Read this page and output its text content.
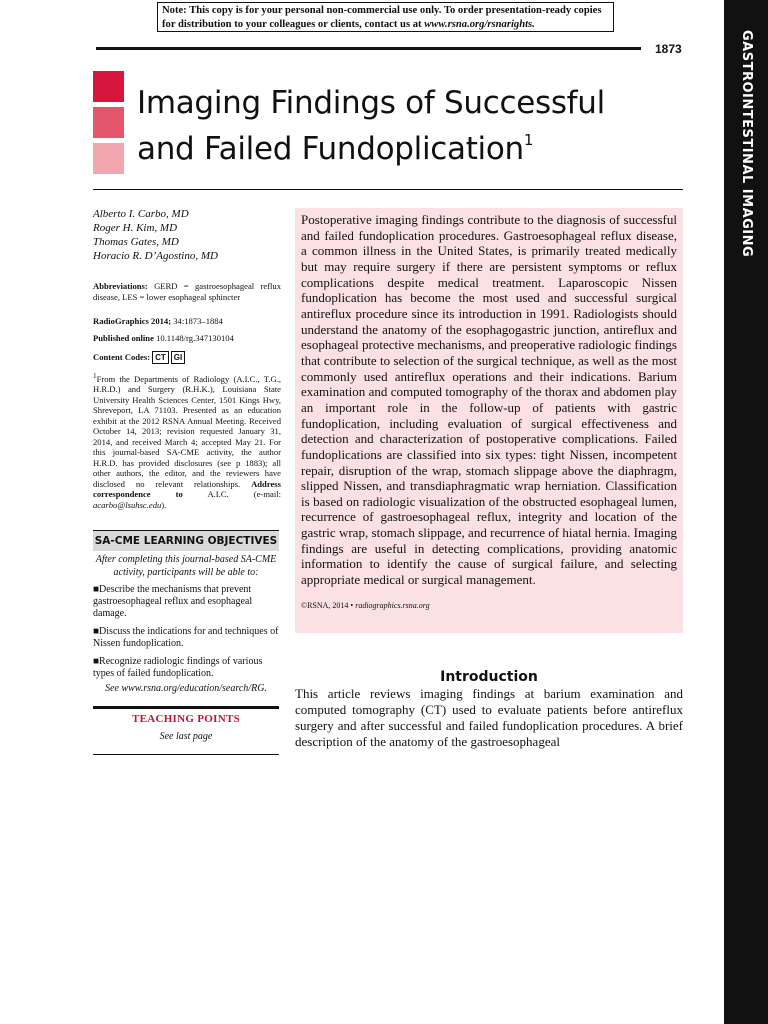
Note: This copy is for your personal non-commercial use only. To order presentation-ready copies for distribution to your colleagues or clients, contact us at www.rsna.org/rsnarights.
1873	GASTROINTESTINAL IMAGING
Imaging Findings of Successful
and Failed Fundoplication$^1$
Alberto I. Carbo, MD
Roger H. Kim, MD
Thomas Gates, MD
Horacio R. D’Agostino, MD
Abbreviations: GERD = gastroesophageal reflux disease, LES = lower esophageal sphincter
RadioGraphics 2014; 34:1873–1884
Published online 10.1148/rg.347130104
Content Codes: CT	GI
$^1$From the Departments of Radiology (A.I.C., T.G., H.R.D.) and Surgery (R.H.K.), Louisiana State University Health Sciences Center, 1501 Kings Hwy, Shreveport, LA 71103. Presented as an education exhibit at the 2012 RSNA Annual Meeting. Received October 14, 2013; revision requested January 31, 2014, and received March 4; accepted May 21. For this journal-based SA-CME activity, the author H.R.D. has provided disclosures (see p 1883); all other authors, the editor, and the reviewers have disclosed no relevant relationships. Address correspondence to	A.I.C. (e-mail: acarbo@lsuhsc.edu).
SA-CME LEARNING OBJECTIVES
After completing this journal-based SA-CME activity, participants will be able to:
■Describe the mechanisms that prevent gastroesophageal reflux and esophageal damage.
■Discuss the indications for and techniques of Nissen fundoplication.
■Recognize radiologic findings of various types of failed fundoplication.
See www.rsna.org/education/search/RG.
TEACHING POINTS
See last page
Postoperative imaging findings contribute to the diagnosis of successful and failed fundoplication procedures. Gastroesophageal reflux disease, a common illness in the United States, is primarily treated medically but may require surgery if there are persistent symptoms or reflux complications despite medical treatment. Laparoscopic Nissen fundoplication has become the most used and successful surgical antireflux procedure since its introduction in 1991. Radiologists should understand the anatomy of the esophagogastric junction, antireflux and esophageal protective mechanisms, and preoperative radiologic findings that contribute to selection of the surgical technique, as well as the most commonly used antireflux operations and their indications. Barium examination and computed tomography of the thorax and abdomen play an important role in the follow-up of patients with gastric fundoplication, including evaluation of surgical effectiveness and detection and characterization of postoperative complications. Failed fundoplications are classified into six types: tight Nissen, incompetent repair, disruption of the wrap, stomach slippage above the diaphragm, slipped Nissen, and transdiaphragmatic wrap herniation. Classification is based on radiologic visualization of the obstructed esophageal lumen, recurrence of gastroesophageal reflux, integrity and location of the gastric wrap, stomach slippage, and recurrence of hiatal hernia. Imaging findings are useful in detecting complications, providing anatomic information to identify the cause of surgical failure, and selecting appropriate medical or surgical management.
©RSNA, 2014 • radiographics.rsna.org
Introduction
This article reviews imaging findings at barium examination and computed tomography (CT) used to evaluate patients before antireflux surgery and after successful and failed fundoplication procedures. A brief description of the anatomy of the gastroesophageal
